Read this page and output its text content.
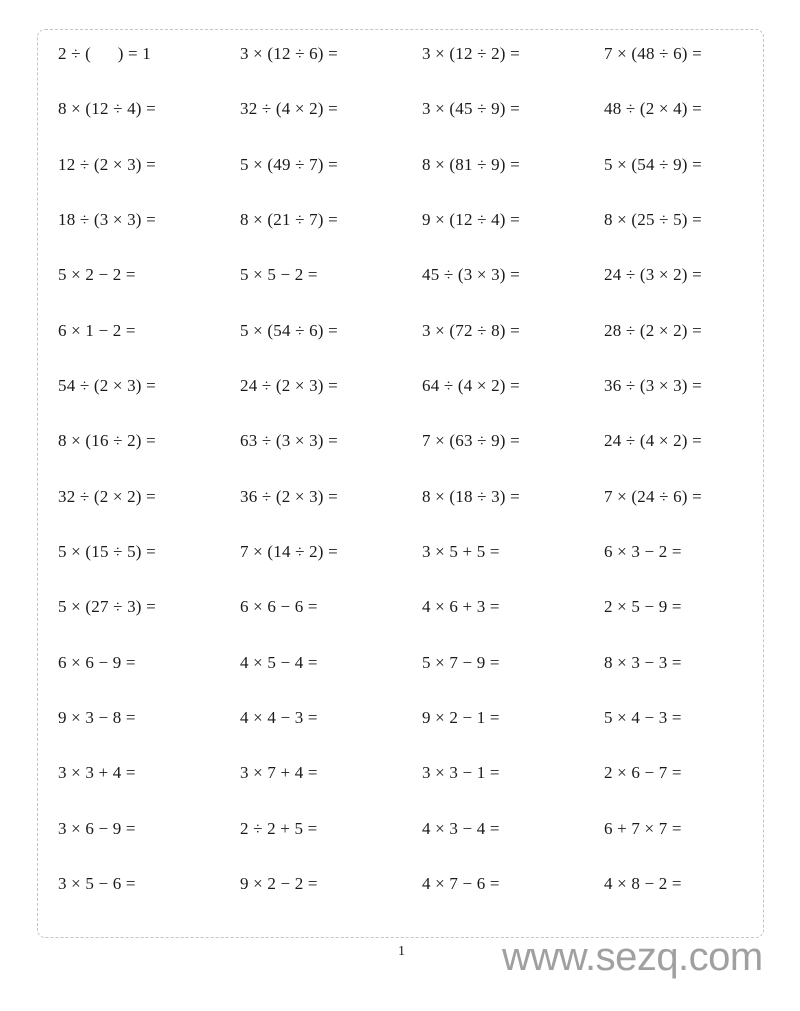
2 ÷ (      ) = 1	3 × (12 ÷ 6) =	3 × (12 ÷ 2) =	7 × (48 ÷ 6) =
8 × (12 ÷ 4) =	32 ÷ (4 × 2) =	3 × (45 ÷ 9) =	48 ÷ (2 × 4) =
12 ÷ (2 × 3) =	5 × (49 ÷ 7) =	8 × (81 ÷ 9) =	5 × (54 ÷ 9) =
18 ÷ (3 × 3) =	8 × (21 ÷ 7) =	9 × (12 ÷ 4) =	8 × (25 ÷ 5) =
5 × 2 − 2 =	5 × 5 − 2 =	45 ÷ (3 × 3) =	24 ÷ (3 × 2) =
6 × 1 − 2 =	5 × (54 ÷ 6) =	3 × (72 ÷ 8) =	28 ÷ (2 × 2) =
54 ÷ (2 × 3) =	24 ÷ (2 × 3) =	64 ÷ (4 × 2) =	36 ÷ (3 × 3) =
8 × (16 ÷ 2) =	63 ÷ (3 × 3) =	7 × (63 ÷ 9) =	24 ÷ (4 × 2) =
32 ÷ (2 × 2) =	36 ÷ (2 × 3) =	8 × (18 ÷ 3) =	7 × (24 ÷ 6) =
5 × (15 ÷ 5) =	7 × (14 ÷ 2) =	3 × 5 + 5 =	6 × 3 − 2 =
5 × (27 ÷ 3) =	6 × 6 − 6 =	4 × 6 + 3 =	2 × 5 − 9 =
6 × 6 − 9 =	4 × 5 − 4 =	5 × 7 − 9 =	8 × 3 − 3 =
9 × 3 − 8 =	4 × 4 − 3 =	9 × 2 − 1 =	5 × 4 − 3 =
3 × 3 + 4 =	3 × 7 + 4 =	3 × 3 − 1 =	2 × 6 − 7 =
3 × 6 − 9 =	2 ÷ 2 + 5 =	4 × 3 − 4 =	6 + 7 × 7 =
3 × 5 − 6 =	9 × 2 − 2 =	4 × 7 − 6 =	4 × 8 − 2 =
1 www.sezq.com
